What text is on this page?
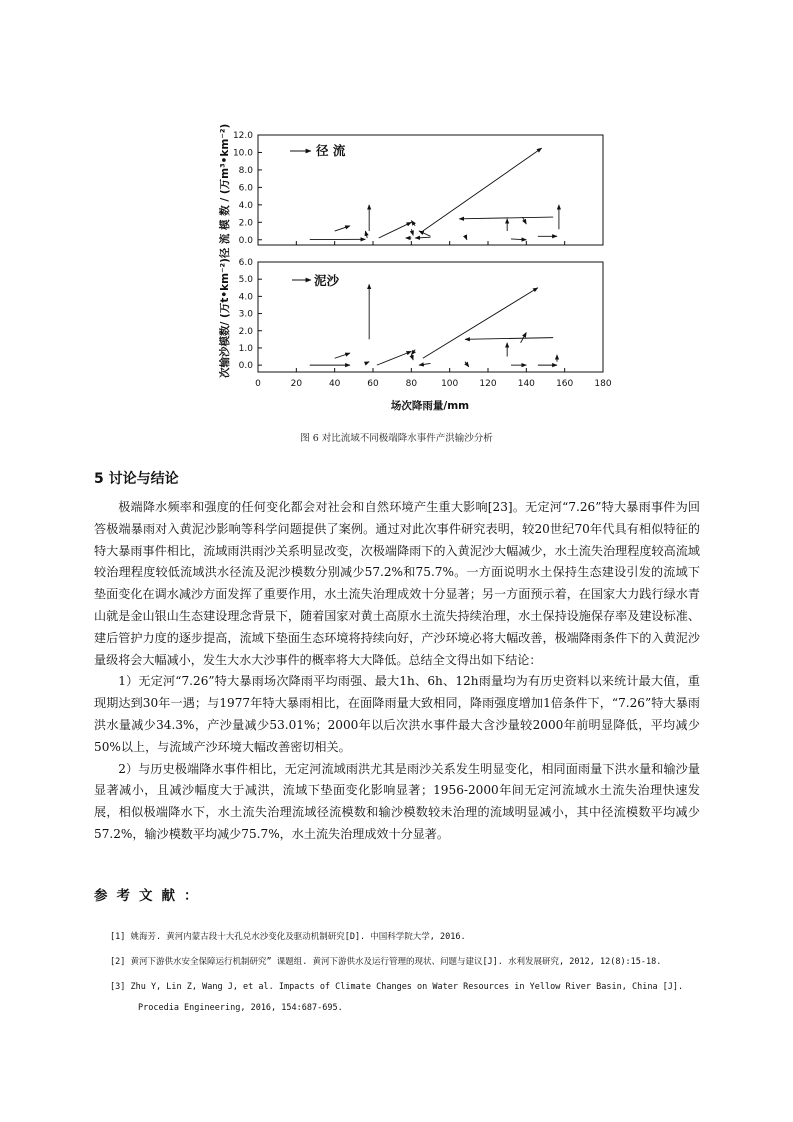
0.0
2.0
4.0
6.0
8.0
10.0
12.0
径 流
径 流 模 数 / (万m³•km⁻²)
0.0
1.0
2.0
3.0
4.0
5.0
6.0
0	20	40	60	80	100 120 140 160 180
泥沙
次输沙模数/ (万t•km⁻²)
场次降雨量/mm
图 6 对比流域不同极端降水事件产洪输沙分析
5 讨论与结论

极端降水频率和强度的任何变化都会对社会和自然环境产生重大影响[23]。无定河“7.26”特大暴雨事件为回答极端暴雨对入黄泥沙影响等科学问题提供了案例。通过对此次事件研究表明，较20世纪70年代具有相似特征的特大暴雨事件相比，流域雨洪雨沙关系明显改变，次极端降雨下的入黄泥沙大幅减少，水土流失治理程度较高流域较治理程度较低流域洪水径流及泥沙模数分别减少57.2%和75.7%。一方面说明水土保持生态建设引发的流域下垫面变化在调水减沙方面发挥了重要作用，水土流失治理成效十分显著；另一方面预示着，在国家大力践行绿水青山就是金山银山生态建设理念背景下，随着国家对黄土高原水土流失持续治理，水土保持设施保存率及建设标准、建后管护力度的逐步提高，流域下垫面生态环境将持续向好，产沙环境必将大幅改善，极端降雨条件下的入黄泥沙量级将会大幅减小，发生大水大沙事件的概率将大大降低。总结全文得出如下结论：

1）无定河“7.26”特大暴雨场次降雨平均雨强、最大1h、6h、12h雨量均为有历史资料以来统计最大值，重现期达到30年一遇；与1977年特大暴雨相比，在面降雨量大致相同，降雨强度增加1倍条件下，“7.26”特大暴雨洪水量减少34.3%，产沙量减少53.01%；2000年以后次洪水事件最大含沙量较2000年前明显降低，平均减少50%以上，与流域产沙环境大幅改善密切相关。

2）与历史极端降水事件相比，无定河流域雨洪尤其是雨沙关系发生明显变化，相同面雨量下洪水量和输沙量显著减小，且减沙幅度大于减洪，流域下垫面变化影响显著；1956-2000年间无定河流域水土流失治理快速发展，相似极端降水下，水土流失治理流域径流模数和输沙模数较未治理的流域明显减小，其中径流模数平均减少57.2%，输沙模数平均减少75.7%，水土流失治理成效十分显著。

参考文献：
[1] 姚海芳. 黄河内蒙古段十大孔兑水沙变化及驱动机制研究[D]. 中国科学院大学, 2016.
[2] 黄河下游供水安全保障运行机制研究” 课题组. 黄河下游供水及运行管理的现状、问题与建议[J]. 水利发展研究, 2012, 12(8):15-18.
[3] Zhu Y, Lin Z, Wang J, et al. Impacts of Climate Changes on Water Resources in Yellow River Basin, China [J]. Procedia Engineering, 2016, 154:687-695.
